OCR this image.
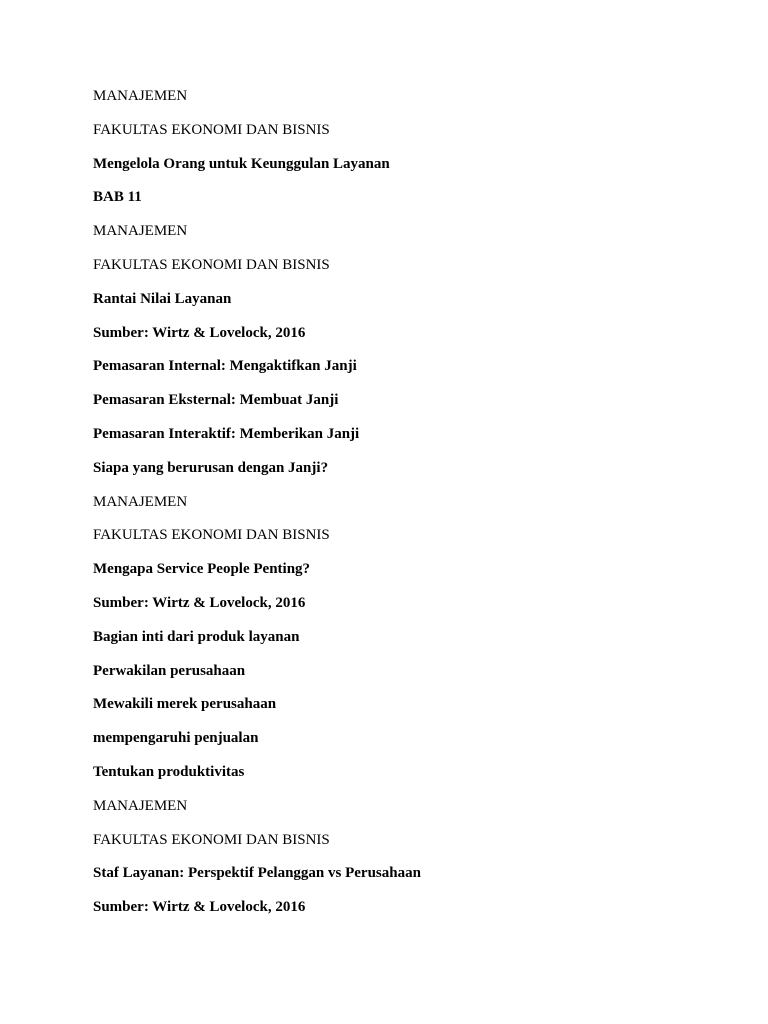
MANAJEMEN
FAKULTAS EKONOMI DAN BISNIS
Mengelola Orang untuk Keunggulan Layanan
BAB 11
MANAJEMEN
FAKULTAS EKONOMI DAN BISNIS
Rantai Nilai Layanan
Sumber: Wirtz & Lovelock, 2016
Pemasaran Internal: Mengaktifkan Janji
Pemasaran Eksternal: Membuat Janji
Pemasaran Interaktif: Memberikan Janji
Siapa yang berurusan dengan Janji?
MANAJEMEN
FAKULTAS EKONOMI DAN BISNIS
Mengapa Service People Penting?
Sumber: Wirtz & Lovelock, 2016
Bagian inti dari produk layanan
Perwakilan perusahaan
Mewakili merek perusahaan
mempengaruhi penjualan
Tentukan produktivitas
MANAJEMEN
FAKULTAS EKONOMI DAN BISNIS
Staf Layanan: Perspektif Pelanggan vs Perusahaan
Sumber: Wirtz & Lovelock, 2016
